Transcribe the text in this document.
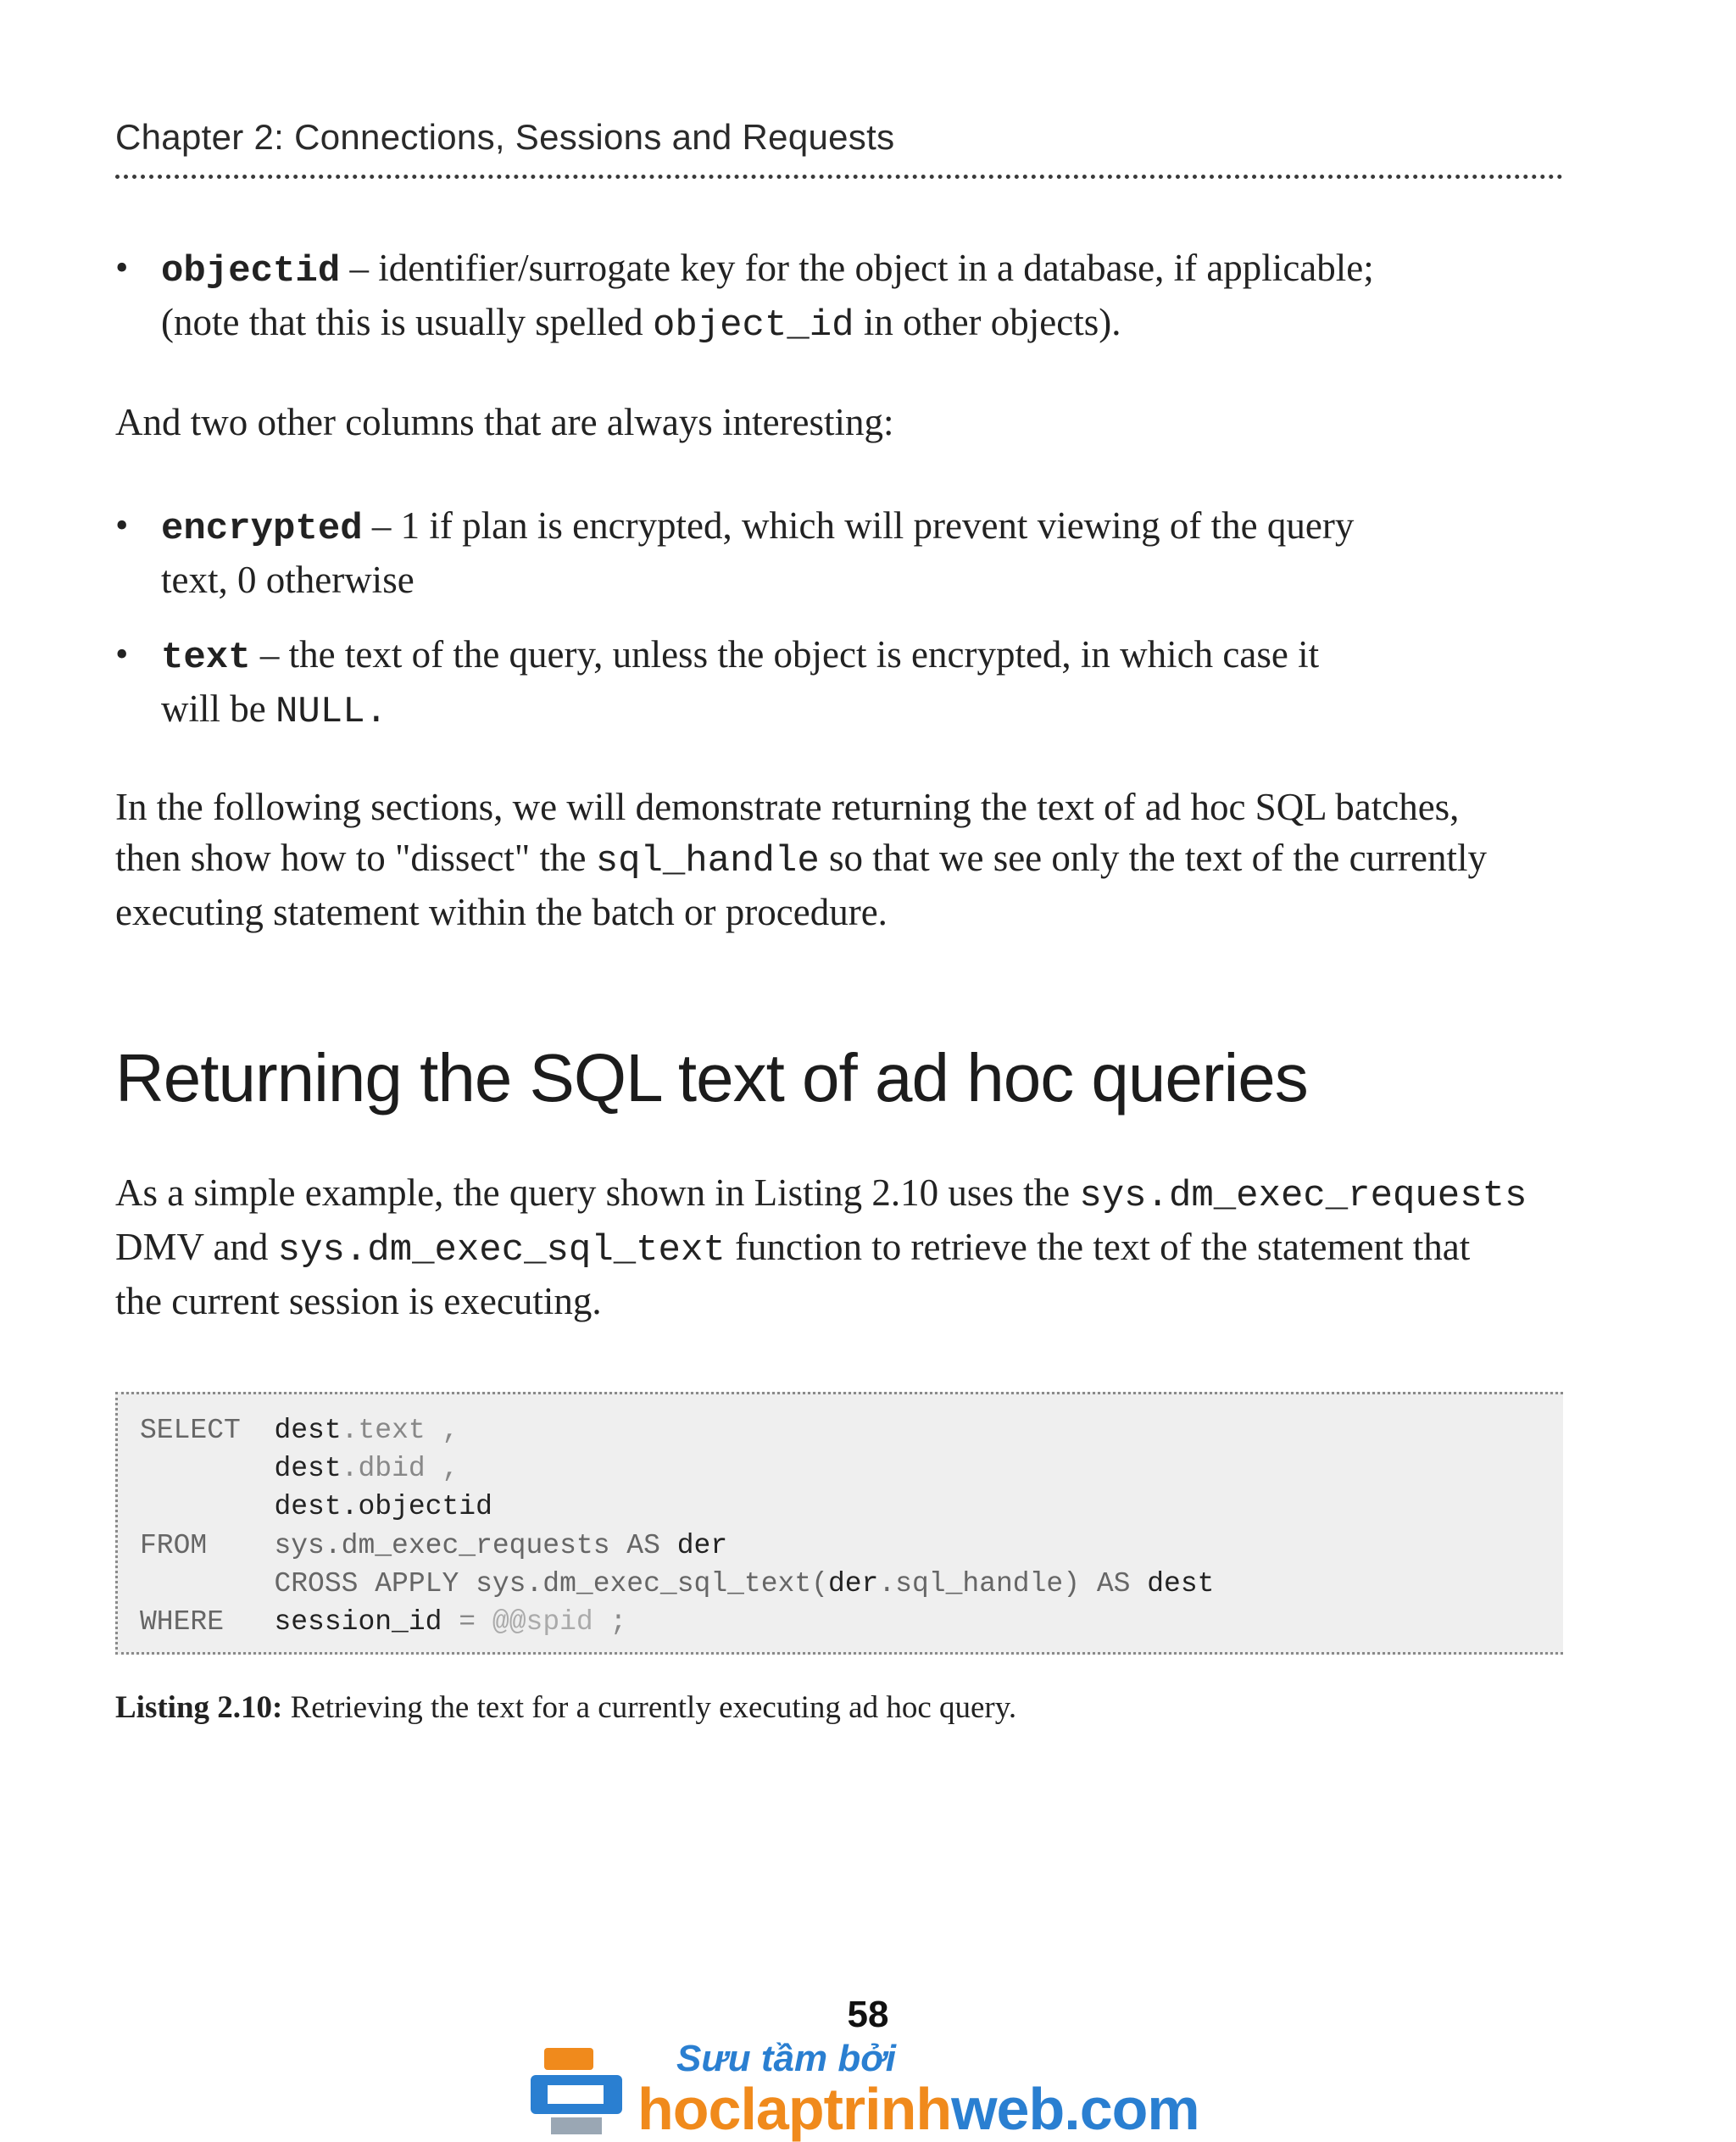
Chapter 2: Connections, Sessions and Requests
• objectid – identifier/surrogate key for the object in a database, if applicable;
(note that this is usually spelled object_id in other objects).
And two other columns that are always interesting:
• encrypted – 1 if plan is encrypted, which will prevent viewing of the query
text, 0 otherwise
• text – the text of the query, unless the object is encrypted, in which case it
will be NULL.
In the following sections, we will demonstrate returning the text of ad hoc SQL batches,
then show how to "dissect" the sql_handle so that we see only the text of the currently
executing statement within the batch or procedure.
Returning the SQL text of ad hoc queries
As a simple example, the query shown in Listing 2.10 uses the sys.dm_exec_requests
DMV and sys.dm_exec_sql_text function to retrieve the text of the statement that
the current session is executing.
SELECT  dest.text ,
dest.dbid ,
dest.objectid
FROM    sys.dm_exec_requests AS der
CROSS APPLY sys.dm_exec_sql_text(der.sql_handle) AS dest
WHERE   session_id = @@spid ;
Listing 2.10: Retrieving the text for a currently executing ad hoc query.
58
Sưu tầm bởi
hoclaptrinhweb.com
